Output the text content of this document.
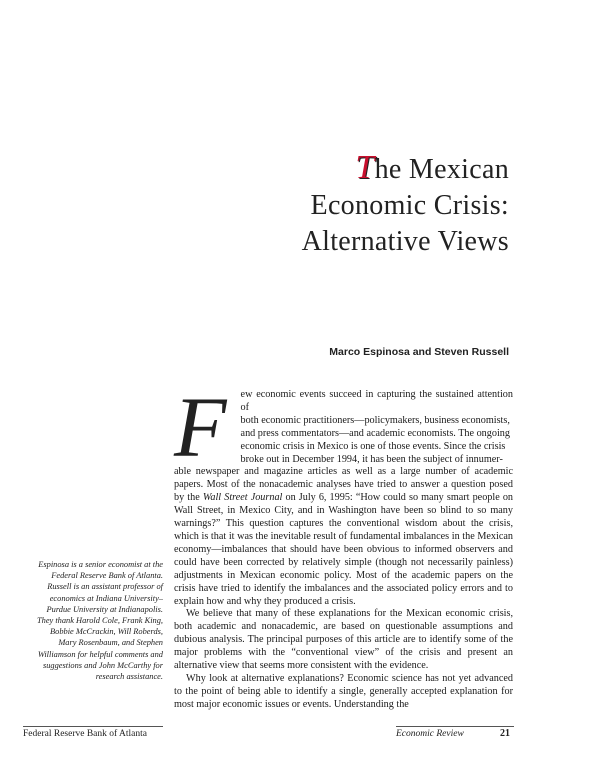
The Mexican
Economic Crisis:
Alternative Views
Marco Espinosa and Steven Russell

F	ew economic events succeed in capturing the sustained attention of
both economic practitioners—policymakers, business economists,
and press commentators—and academic economists. The ongoing
economic crisis in Mexico is one of those events. Since the crisis
broke out in December 1994, it has been the subject of innumer-
able newspaper and magazine articles as well as a large number of academic papers. Most of the nonacademic analyses have tried to answer a question posed by the Wall Street Journal on July 6, 1995: “How could so many smart people on Wall Street, in Mexico City, and in Washington have been so blind to so many warnings?” This question captures the conventional wisdom about the crisis, which is that it was the inevitable result of fundamental imbalances in the Mexican economy—imbalances that should have been obvious to informed observers and could have been corrected by relatively simple (though not necessarily painless) adjustments in Mexican economic policy. Most of the academic papers on the crisis have tried to identify the imbalances and the associated policy errors and to explain how and why they produced a crisis.

We believe that many of these explanations for the Mexican economic crisis, both academic and nonacademic, are based on questionable assumptions and dubious analysis. The principal purposes of this article are to identify some of the major problems with the “conventional view” of the crisis and present an alternative view that seems more consistent with the evidence.

Why look at alternative explanations? Economic science has not yet advanced to the point of being able to identify a single, generally accepted explanation for most major economic issues or events. Understanding the

Espinosa is a senior economist at the Federal Reserve Bank of Atlanta. Russell is an assistant professor of economics at Indiana University–Purdue University at Indianapolis. They thank Harold Cole, Frank King, Bobbie McCrackin, Will Roberds, Mary Rosenbaum, and Stephen Williamson for helpful comments and suggestions and John McCarthy for research assistance.
Federal Reserve Bank of Atlanta	Economic Review	21
